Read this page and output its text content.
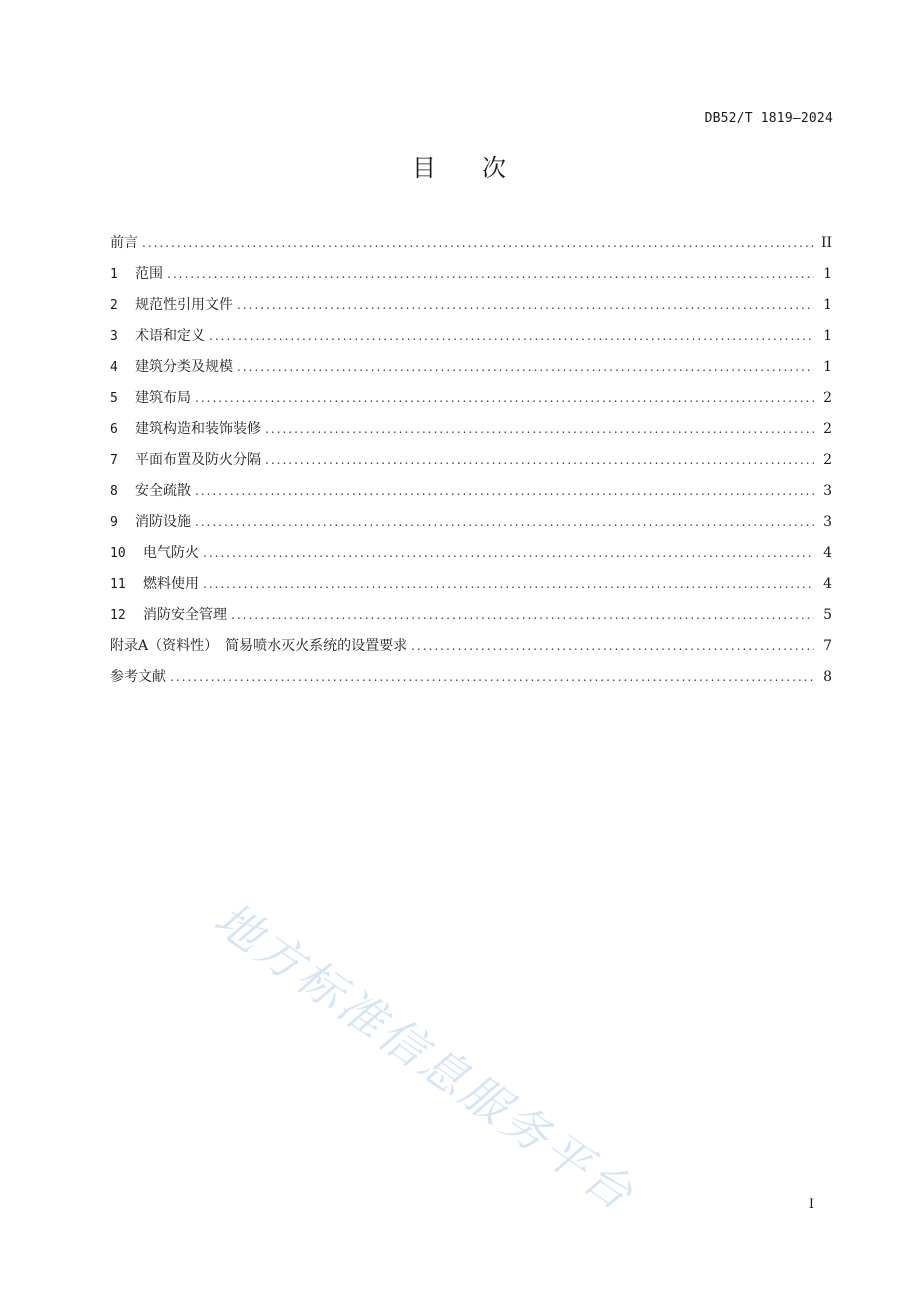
DB52/T 1819—2024
目 次
前言 .....	II
1	范围 .....	1
2	规范性引用文件 .....	1
3	术语和定义 .....	1
4	建筑分类及规模 .....	1
5	建筑布局 .....	2
6	建筑构造和装饰装修 .....	2
7	平面布置及防火分隔 .....	2
8	安全疏散 .....	3
9	消防设施 .....	3
10	电气防火 .....	4
11	燃料使用 .....	4
12	消防安全管理 .....	5
附录A（资料性）　简易喷水灭火系统的设置要求 .....	7
参考文献 .....	8
地方标准信息服务平台	I
